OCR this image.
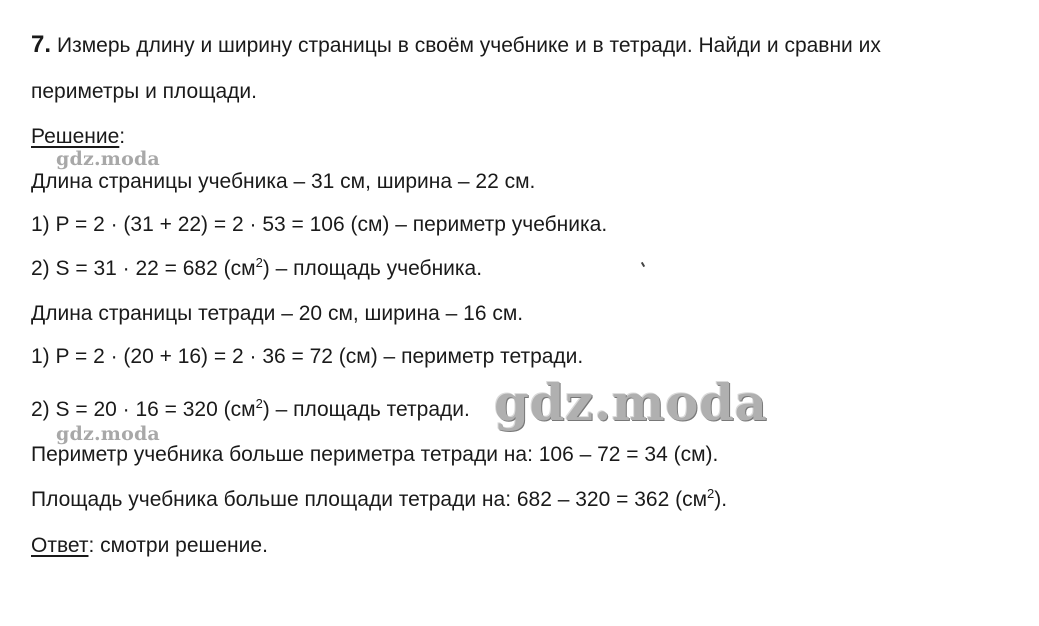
7. Измерь длину и ширину страницы в своём учебнике и в тетради. Найди и сравни их
периметры и площади.
Решение:
gdz.moda
Длина страницы учебника – 31 см, ширина – 22 см.
1) P = 2 · (31 + 22) = 2 · 53 = 106 (см) – периметр учебника.
2) S = 31 · 22 = 682 $(см^2)$ – площадь учебника.
Длина страницы тетради – 20 см, ширина – 16 см.
1) P = 2 · (20 + 16) = 2 · 36 = 72 (см) – периметр тетради.
2) S = 20 · 16 = 320 $(см^2)$ – площадь тетради. gdz.moda
gdz.moda
Периметр учебника больше периметра тетради на: 106 – 72 = 34 (см).
Площадь учебника больше площади тетради на: 682 – 320 = 362 $(см^2)$.
Ответ: смотри решение.
